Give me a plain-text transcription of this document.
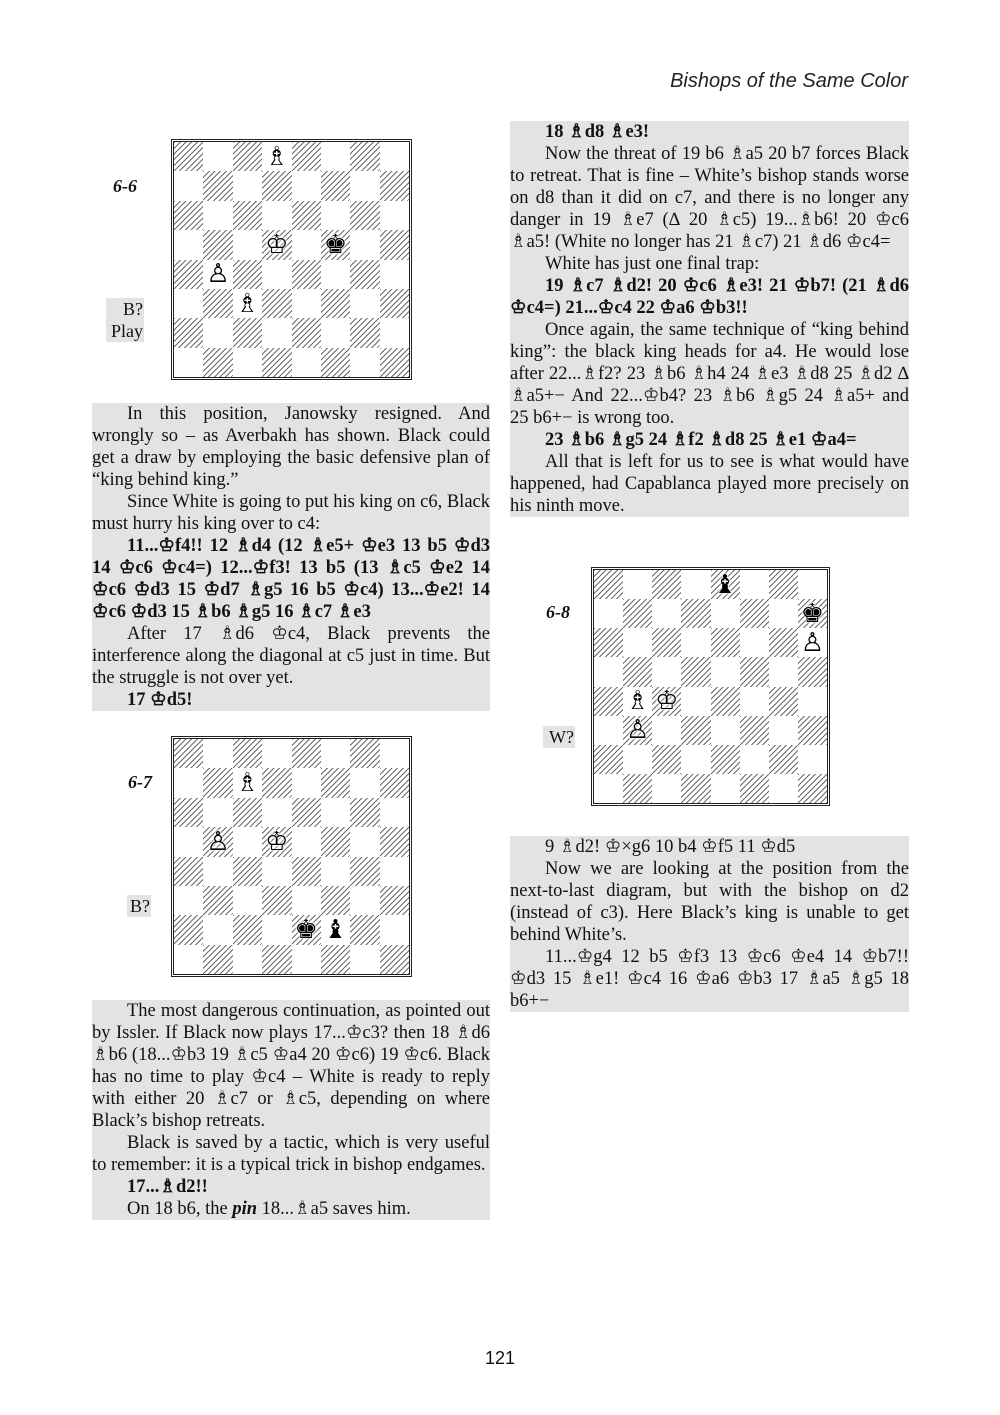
Bishops of the Same Color
6-6
B?
Play
♗
♔ ♚
♙
♗

In this position, Janowsky resigned. And wrongly so – as Averbakh has shown. Black could get a draw by employing the basic defensive plan of “king behind king.”

Since White is going to put his king on c6, Black must hurry his king over to c4:

11...♔f4!! 12 ♗d4 (12 ♗e5+ ♔e3 13 b5 ♔d3 14 ♔c6 ♔c4=) 12...♔f3! 13 b5 (13 ♗c5 ♔e2 14 ♔c6 ♔d3 15 ♔d7 ♗g5 16 b5 ♔c4) 13...♔e2! 14 ♔c6 ♔d3 15 ♗b6 ♗g5 16 ♗c7 ♗e3

After 17 ♗d6 ♔c4, Black prevents the interference along the diagonal at c5 just in time. But the struggle is not over yet.

17 ♔d5!

6-7
B?
♗
♙ ♔
♚ ♝

The most dangerous continuation, as pointed out by Issler. If Black now plays 17...♔c3? then 18 ♗d6 ♗b6 (18...♔b3 19 ♗c5 ♔a4 20 ♔c6) 19 ♔c6. Black has no time to play ♔c4 – White is ready to reply with either 20 ♗c7 or ♗c5, depending on where Black’s bishop retreats.

Black is saved by a tactic, which is very useful to remember: it is a typical trick in bishop endgames.

17...♗d2!!

On 18 b6, the pin 18...♗a5 saves him.

18 ♗d8 ♗e3!

Now the threat of 19 b6 ♗a5 20 b7 forces Black to retreat. That is fine – White’s bishop stands worse on d8 than it did on c7, and there is no longer any danger in 19 ♗e7 (∆ 20 ♗c5) 19...♗b6! 20 ♔c6 ♗a5! (White no longer has 21 ♗c7) 21 ♗d6 ♔c4=

White has just one final trap:

19 ♗c7 ♗d2! 20 ♔c6 ♗e3! 21 ♔b7! (21 ♗d6 ♔c4=) 21...♔c4 22 ♔a6 ♔b3!!

Once again, the same technique of “king behind king”: the black king heads for a4. He would lose after 22...♗f2? 23 ♗b6 ♗h4 24 ♗e3 ♗d8 25 ♗d2 ∆ ♗a5+− And 22...♔b4? 23 ♗b6 ♗g5 24 ♗a5+ and 25 b6+− is wrong too.

23 ♗b6 ♗g5 24 ♗f2 ♗d8 25 ♗e1 ♔a4=

All that is left for us to see is what would have happened, had Capablanca played more precisely on his ninth move.

6-8
W?
♝
♚
♙
♗ ♔
♙

9 ♗d2! ♔×g6 10 b4 ♔f5 11 ♔d5

Now we are looking at the position from the next-to-last diagram, but with the bishop on d2 (instead of c3). Here Black’s king is unable to get behind White’s.

11...♔g4 12 b5 ♔f3 13 ♔c6 ♔e4 14 ♔b7!! ♔d3 15 ♗e1! ♔c4 16 ♔a6 ♔b3 17 ♗a5 ♗g5 18 b6+−

121
